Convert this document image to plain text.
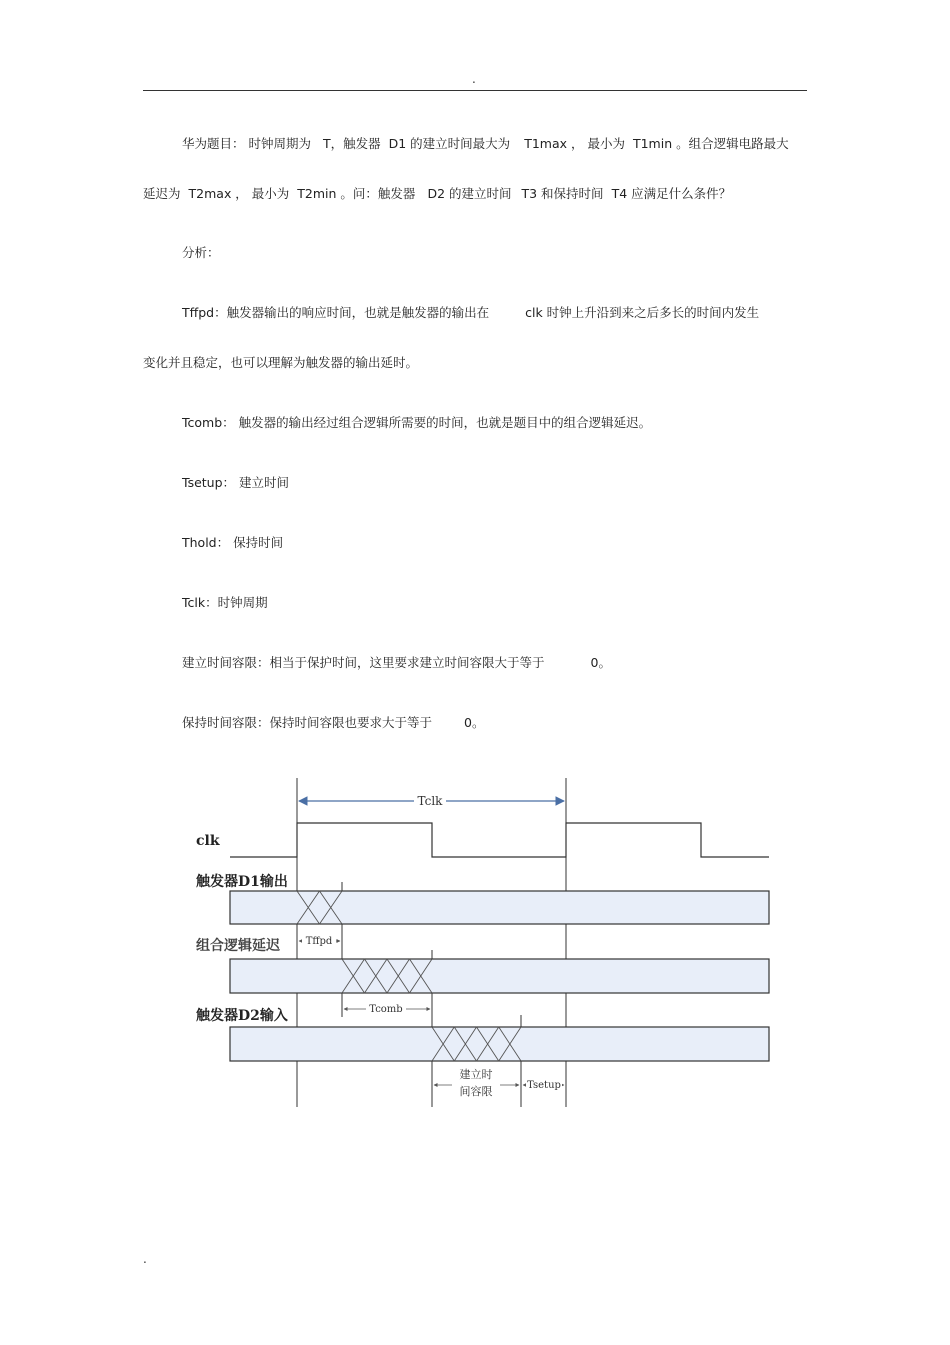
.
华为题目： 时钟周期为 T，触发器 D1 的建立时间最大为 T1max ， 最小为 T1min 。组合逻辑电路最大
延迟为 T2max ， 最小为 T2min 。问：触发器 D2 的建立时间 T3 和保持时间 T4 应满足什么条件？
分析：
Tffpd：触发器输出的响应时间，也就是触发器的输出在	clk 时钟上升沿到来之后多长的时间内发生
变化并且稳定，也可以理解为触发器的输出延时。
Tcomb： 触发器的输出经过组合逻辑所需要的时间，也就是题目中的组合逻辑延迟。
Tsetup： 建立时间
Thold： 保持时间
Tclk：时钟周期
建立时间容限：相当于保护时间，这里要求建立时间容限大于等于	0。
保持时间容限：保持时间容限也要求大于等于	0。
Tclk
clk
触发器D1输出
Tffpd
组合逻辑延迟
Tcomb
触发器D2输入
建立时
间容限	Tsetup
.
